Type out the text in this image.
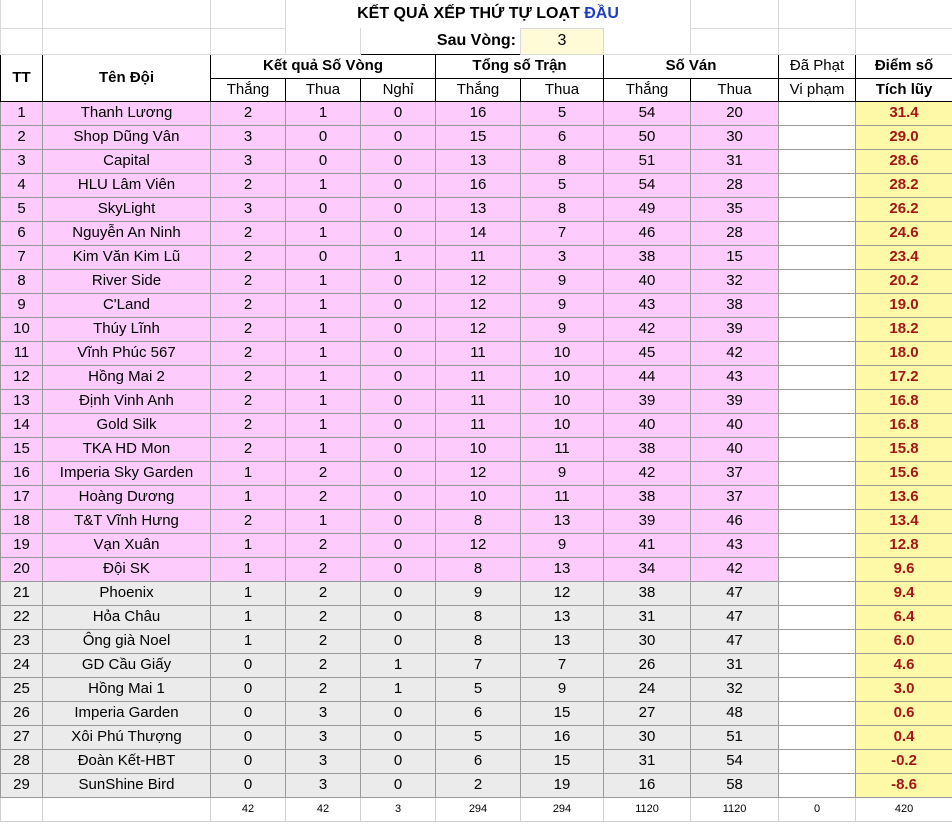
			KẾT QUẢ XẾP THỨ TỰ LOẠT ĐẦU							
				Sau Vòng:		3				
TT	Tên Đội	Kết quả Số Vòng			Tổng số Trận		Số Ván		Đã Phạt	Điểm số
		Thắng	Thua	Nghỉ	Thắng	Thua	Thắng	Thua	Vi phạm	Tích lũy
1	Thanh Lương	2	1	0	16	5	54	20		31.4
2	Shop Dũng Vân	3	0	0	15	6	50	30		29.0
3	Capital	3	0	0	13	8	51	31		28.6
4	HLU Lâm Viên	2	1	0	16	5	54	28		28.2
5	SkyLight	3	0	0	13	8	49	35		26.2
6	Nguyễn An Ninh	2	1	0	14	7	46	28		24.6
7	Kim Văn Kim Lũ	2	0	1	11	3	38	15		23.4
8	River Side	2	1	0	12	9	40	32		20.2
9	C'Land	2	1	0	12	9	43	38		19.0
10	Thúy Lĩnh	2	1	0	12	9	42	39		18.2
11	Vĩnh Phúc 567	2	1	0	11	10	45	42		18.0
12	Hồng Mai 2	2	1	0	11	10	44	43		17.2
13	Định Vinh Anh	2	1	0	11	10	39	39		16.8
14	Gold Silk	2	1	0	11	10	40	40		16.8
15	TKA HD Mon	2	1	0	10	11	38	40		15.8
16	Imperia Sky Garden	1	2	0	12	9	42	37		15.6
17	Hoàng Dương	1	2	0	10	11	38	37		13.6
18	T&T Vĩnh Hưng	2	1	0	8	13	39	46		13.4
19	Vạn Xuân	1	2	0	12	9	41	43		12.8
20	Đội SK	1	2	0	8	13	34	42		9.6
21	Phoenix	1	2	0	9	12	38	47		9.4
22	Hỏa Châu	1	2	0	8	13	31	47		6.4
23	Ông già Noel	1	2	0	8	13	30	47		6.0
24	GD Cầu Giấy	0	2	1	7	7	26	31		4.6
25	Hồng Mai 1	0	2	1	5	9	24	32		3.0
26	Imperia Garden	0	3	0	6	15	27	48		0.6
27	Xôi Phú Thượng	0	3	0	5	16	30	51		0.4
28	Đoàn Kết-HBT	0	3	0	6	15	31	54		-0.2
29	SunShine Bird	0	3	0	2	19	16	58		-8.6
		42	42	3	294	294	1120	1120	0	420
